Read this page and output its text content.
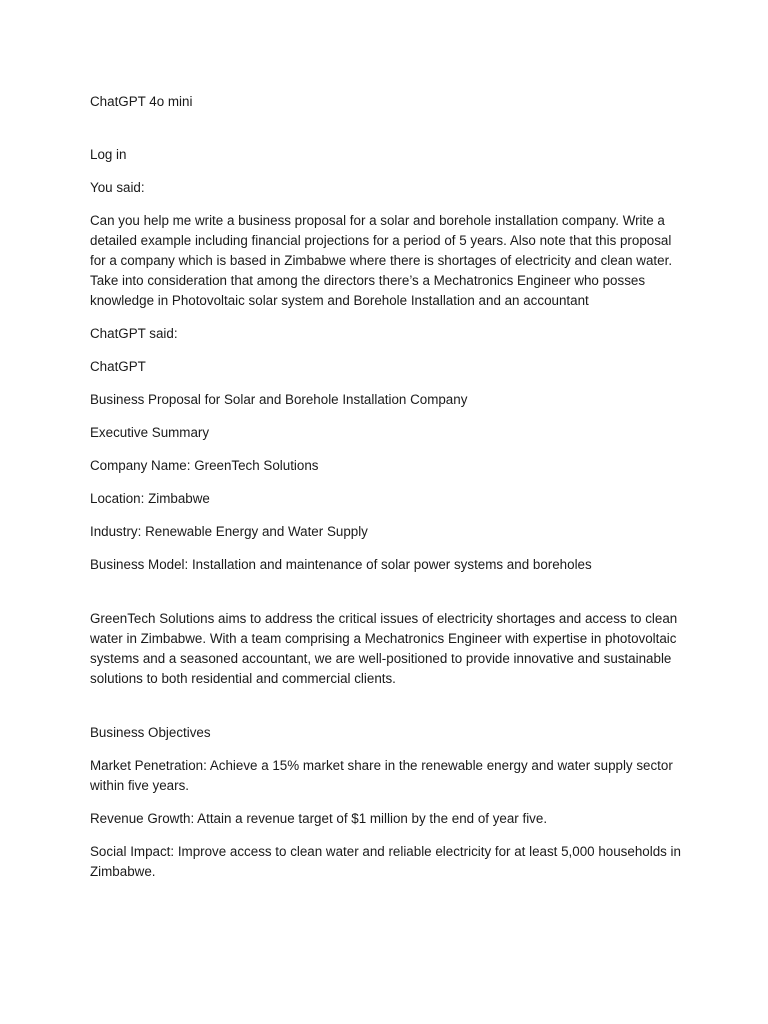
ChatGPT 4o mini

Log in

You said:

Can you help me write a business proposal for a solar and borehole installation company. Write a detailed example including financial projections for a period of 5 years. Also note that this proposal for a company which is based in Zimbabwe where there is shortages of electricity and clean water. Take into consideration that among the directors there’s a Mechatronics Engineer who posses knowledge in Photovoltaic solar system and Borehole Installation and an accountant

ChatGPT said:

ChatGPT

Business Proposal for Solar and Borehole Installation Company

Executive Summary

Company Name: GreenTech Solutions

Location: Zimbabwe

Industry: Renewable Energy and Water Supply

Business Model: Installation and maintenance of solar power systems and boreholes

GreenTech Solutions aims to address the critical issues of electricity shortages and access to clean water in Zimbabwe. With a team comprising a Mechatronics Engineer with expertise in photovoltaic systems and a seasoned accountant, we are well-positioned to provide innovative and sustainable solutions to both residential and commercial clients.

Business Objectives

Market Penetration: Achieve a 15% market share in the renewable energy and water supply sector within five years.

Revenue Growth: Attain a revenue target of $1 million by the end of year five.

Social Impact: Improve access to clean water and reliable electricity for at least 5,000 households in Zimbabwe.
